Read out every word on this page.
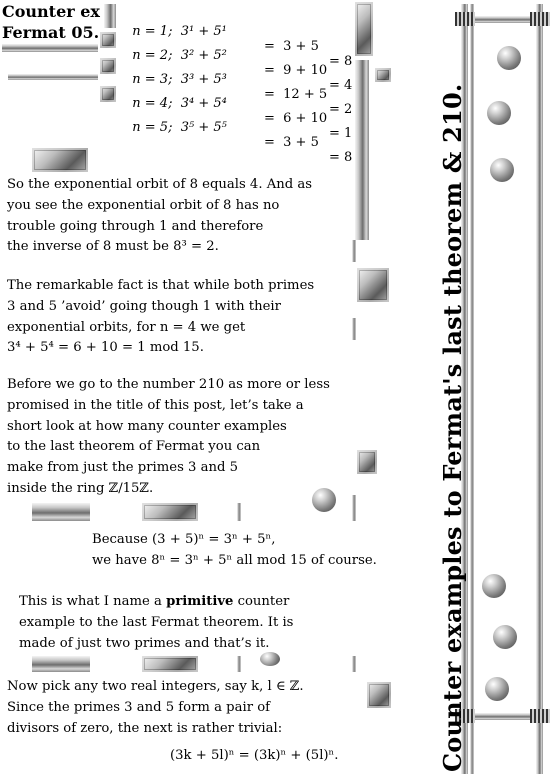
Counter ex
Fermat 05.	n = 1;  3¹ + 5¹

=  3 + 5

= 8

n = 2;  3² + 5²

=  9 + 10

= 4

n = 3;  3³ + 5³

=  12 + 5

= 2

n = 4;  3⁴ + 5⁴

=  6 + 10

= 1

n = 5;  3⁵ + 5⁵

=  3 + 5

= 8

So the exponential orbit of 8 equals 4. And as
you see the exponential orbit of 8 has no
trouble going through 1 and therefore
the inverse of 8 must be 8³ = 2.
The remarkable fact is that while both primes
3 and 5 ’avoid’ going though 1 with their
exponential orbits, for n = 4 we get
3⁴ + 5⁴ = 6 + 10 = 1 mod 15.
Before we go to the number 210 as more or less
promised in the title of this post, let’s take a
short look at how many counter examples
to the last theorem of Fermat you can
make from just the primes 3 and 5
inside the ring ℤ/15ℤ.
Because (3 + 5)ⁿ = 3ⁿ + 5ⁿ,
we have 8ⁿ = 3ⁿ + 5ⁿ all mod 15 of course.
This is what I name a primitive counter
example to the last Fermat theorem. It is
made of just two primes and that’s it.
Now pick any two real integers, say k, l ∈ ℤ.
Since the primes 3 and 5 form a pair of
divisors of zero, the next is rather trivial:
(3k + 5l)ⁿ = (3k)ⁿ + (5l)ⁿ.	Counter examples to Fermat's last theorem & 210.
